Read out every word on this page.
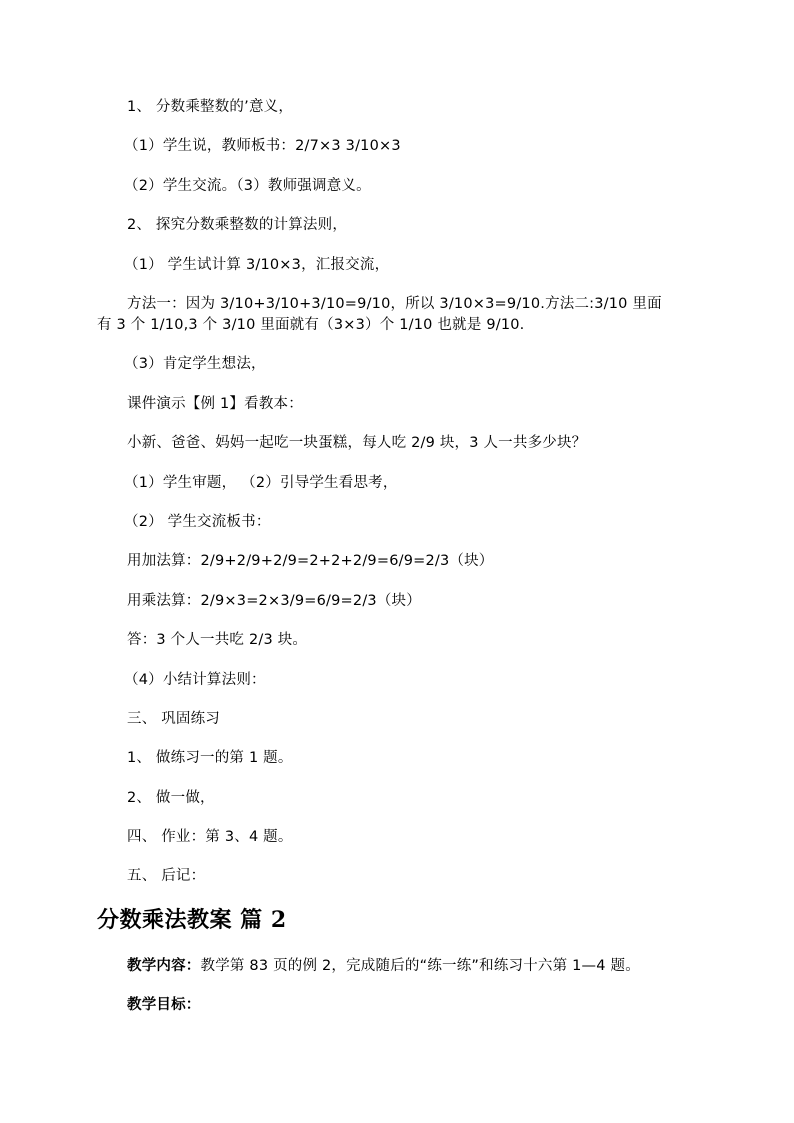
1、 分数乘整数的’意义，
（1）学生说，教师板书：2/7×3 3/10×3
（2）学生交流。（3）教师强调意义。
2、 探究分数乘整数的计算法则，
（1） 学生试计算 3/10×3，汇报交流，
方法一：因为 3/10+3/10+3/10=9/10，所以 3/10×3=9/10.方法二:3/10 里面有 3 个 1/10,3 个 3/10 里面就有（3×3）个 1/10 也就是 9/10.
（3）肯定学生想法，
课件演示【例 1】看教本：
小新、爸爸、妈妈一起吃一块蛋糕，每人吃 2/9 块，3 人一共多少块？
（1）学生审题， （2）引导学生看思考，
（2） 学生交流板书：
用加法算：2/9+2/9+2/9=2+2+2/9=6/9=2/3（块）
用乘法算：2/9×3=2×3/9=6/9=2/3（块）
答：3 个人一共吃 2/3 块。
（4）小结计算法则：
三、 巩固练习
1、 做练习一的第 1 题。
2、 做一做，
四、 作业：第 3、4 题。
五、 后记：
分数乘法教案 篇 2
教学内容：教学第 83 页的例 2，完成随后的“练一练”和练习十六第 1—4 题。
教学目标：
